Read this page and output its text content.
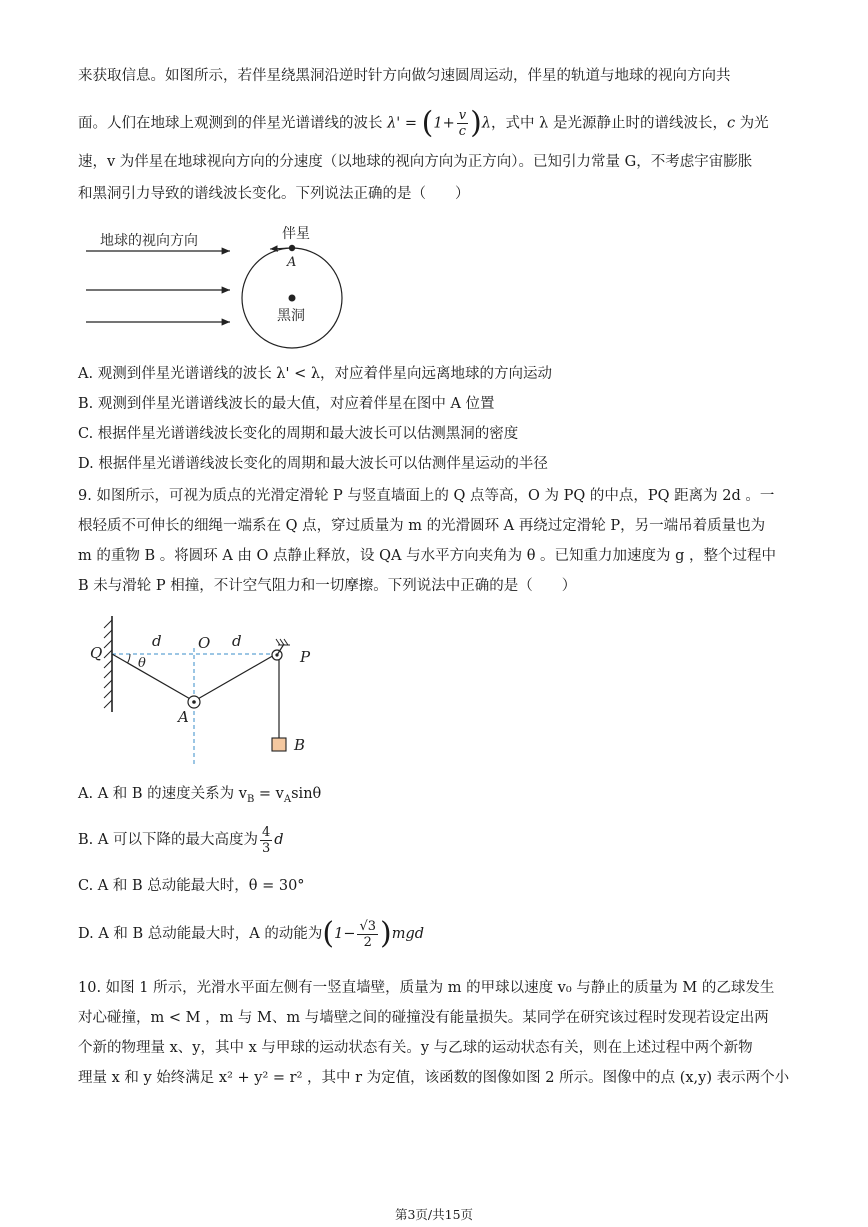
来获取信息。如图所示，若伴星绕黑洞沿逆时针方向做匀速圆周运动，伴星的轨道与地球的视向方向共
面。人们在地球上观测到的伴星光谱谱线的波长 $\lambda' = (1+ \frac{v}{c} )\lambda$，式中 λ 是光源静止时的谱线波长，c 为光
速，v 为伴星在地球视向方向的分速度（以地球的视向方向为正方向）。已知引力常量 G，不考虑宇宙膨胀
和黑洞引力导致的谱线波长变化。下列说法正确的是（　　）
地球的视向方向	伴星
A
黑洞
A. 观测到伴星光谱谱线的波长 λ' < λ，对应着伴星向远离地球的方向运动
B. 观测到伴星光谱谱线波长的最大值，对应着伴星在图中 A 位置
C. 根据伴星光谱谱线波长变化的周期和最大波长可以估测黑洞的密度
D. 根据伴星光谱谱线波长变化的周期和最大波长可以估测伴星运动的半径
9. 如图所示，可视为质点的光滑定滑轮 P 与竖直墙面上的 Q 点等高，O 为 PQ 的中点，PQ 距离为 2d 。一
根轻质不可伸长的细绳一端系在 Q 点，穿过质量为 m 的光滑圆环 A 再绕过定滑轮 P，另一端吊着质量也为
m 的重物 B 。将圆环 A 由 O 点静止释放，设 QA 与水平方向夹角为 θ 。已知重力加速度为 g ，整个过程中
B 未与滑轮 P 相撞，不计空气阻力和一切摩擦。下列说法中正确的是（　　）
Q
d O d
P
θ
A
B
A. A 和 B 的速度关系为 $v_B = v_A\sin\theta$
B. A 可以下降的最大高度为 $\frac{4}{3}$ d
C. A 和 B 总动能最大时，θ = 30°
D. A 和 B 总动能最大时，A 的动能为$(1- \frac{√3}{2} )mgd$
10. 如图 1 所示，光滑水平面左侧有一竖直墙壁，质量为 m 的甲球以速度 v₀ 与静止的质量为 M 的乙球发生
对心碰撞，m < M ，m 与 M、m 与墙壁之间的碰撞没有能量损失。某同学在研究该过程时发现若设定出两
个新的物理量 x、y，其中 x 与甲球的运动状态有关。y 与乙球的运动状态有关，则在上述过程中两个新物
理量 x 和 y 始终满足 x² + y² = r² ，其中 r 为定值，该函数的图像如图 2 所示。图像中的点 (x,y) 表示两个小
第3页/共15页
